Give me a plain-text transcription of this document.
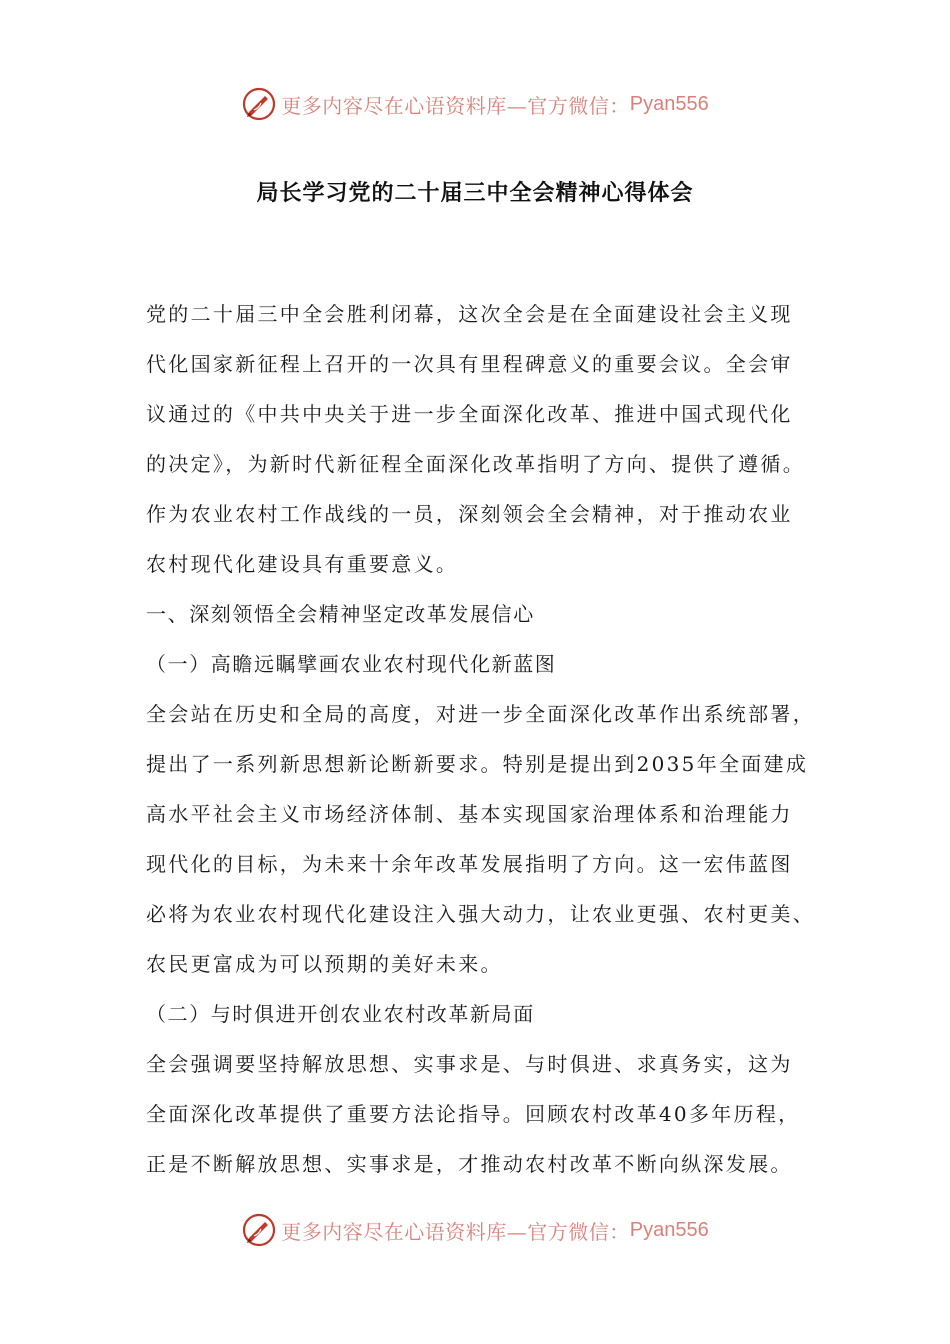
更多内容尽在心语资料库—官方微信： Pyan556
局长学习党的二十届三中全会精神心得体会
党的二十届三中全会胜利闭幕，这次全会是在全面建设社会主义现
代化国家新征程上召开的一次具有里程碑意义的重要会议。全会审
议通过的《中共中央关于进一步全面深化改革、推进中国式现代化
的决定》，为新时代新征程全面深化改革指明了方向、提供了遵循。
作为农业农村工作战线的一员，深刻领会全会精神，对于推动农业
农村现代化建设具有重要意义。
一、深刻领悟全会精神坚定改革发展信心
（一）高瞻远瞩擘画农业农村现代化新蓝图
全会站在历史和全局的高度，对进一步全面深化改革作出系统部署，
提出了一系列新思想新论断新要求。特别是提出到2035年全面建成
高水平社会主义市场经济体制、基本实现国家治理体系和治理能力
现代化的目标，为未来十余年改革发展指明了方向。这一宏伟蓝图
必将为农业农村现代化建设注入强大动力，让农业更强、农村更美、
农民更富成为可以预期的美好未来。
（二）与时俱进开创农业农村改革新局面
全会强调要坚持解放思想、实事求是、与时俱进、求真务实，这为
全面深化改革提供了重要方法论指导。回顾农村改革40多年历程，
正是不断解放思想、实事求是，才推动农村改革不断向纵深发展。
更多内容尽在心语资料库—官方微信： Pyan556
